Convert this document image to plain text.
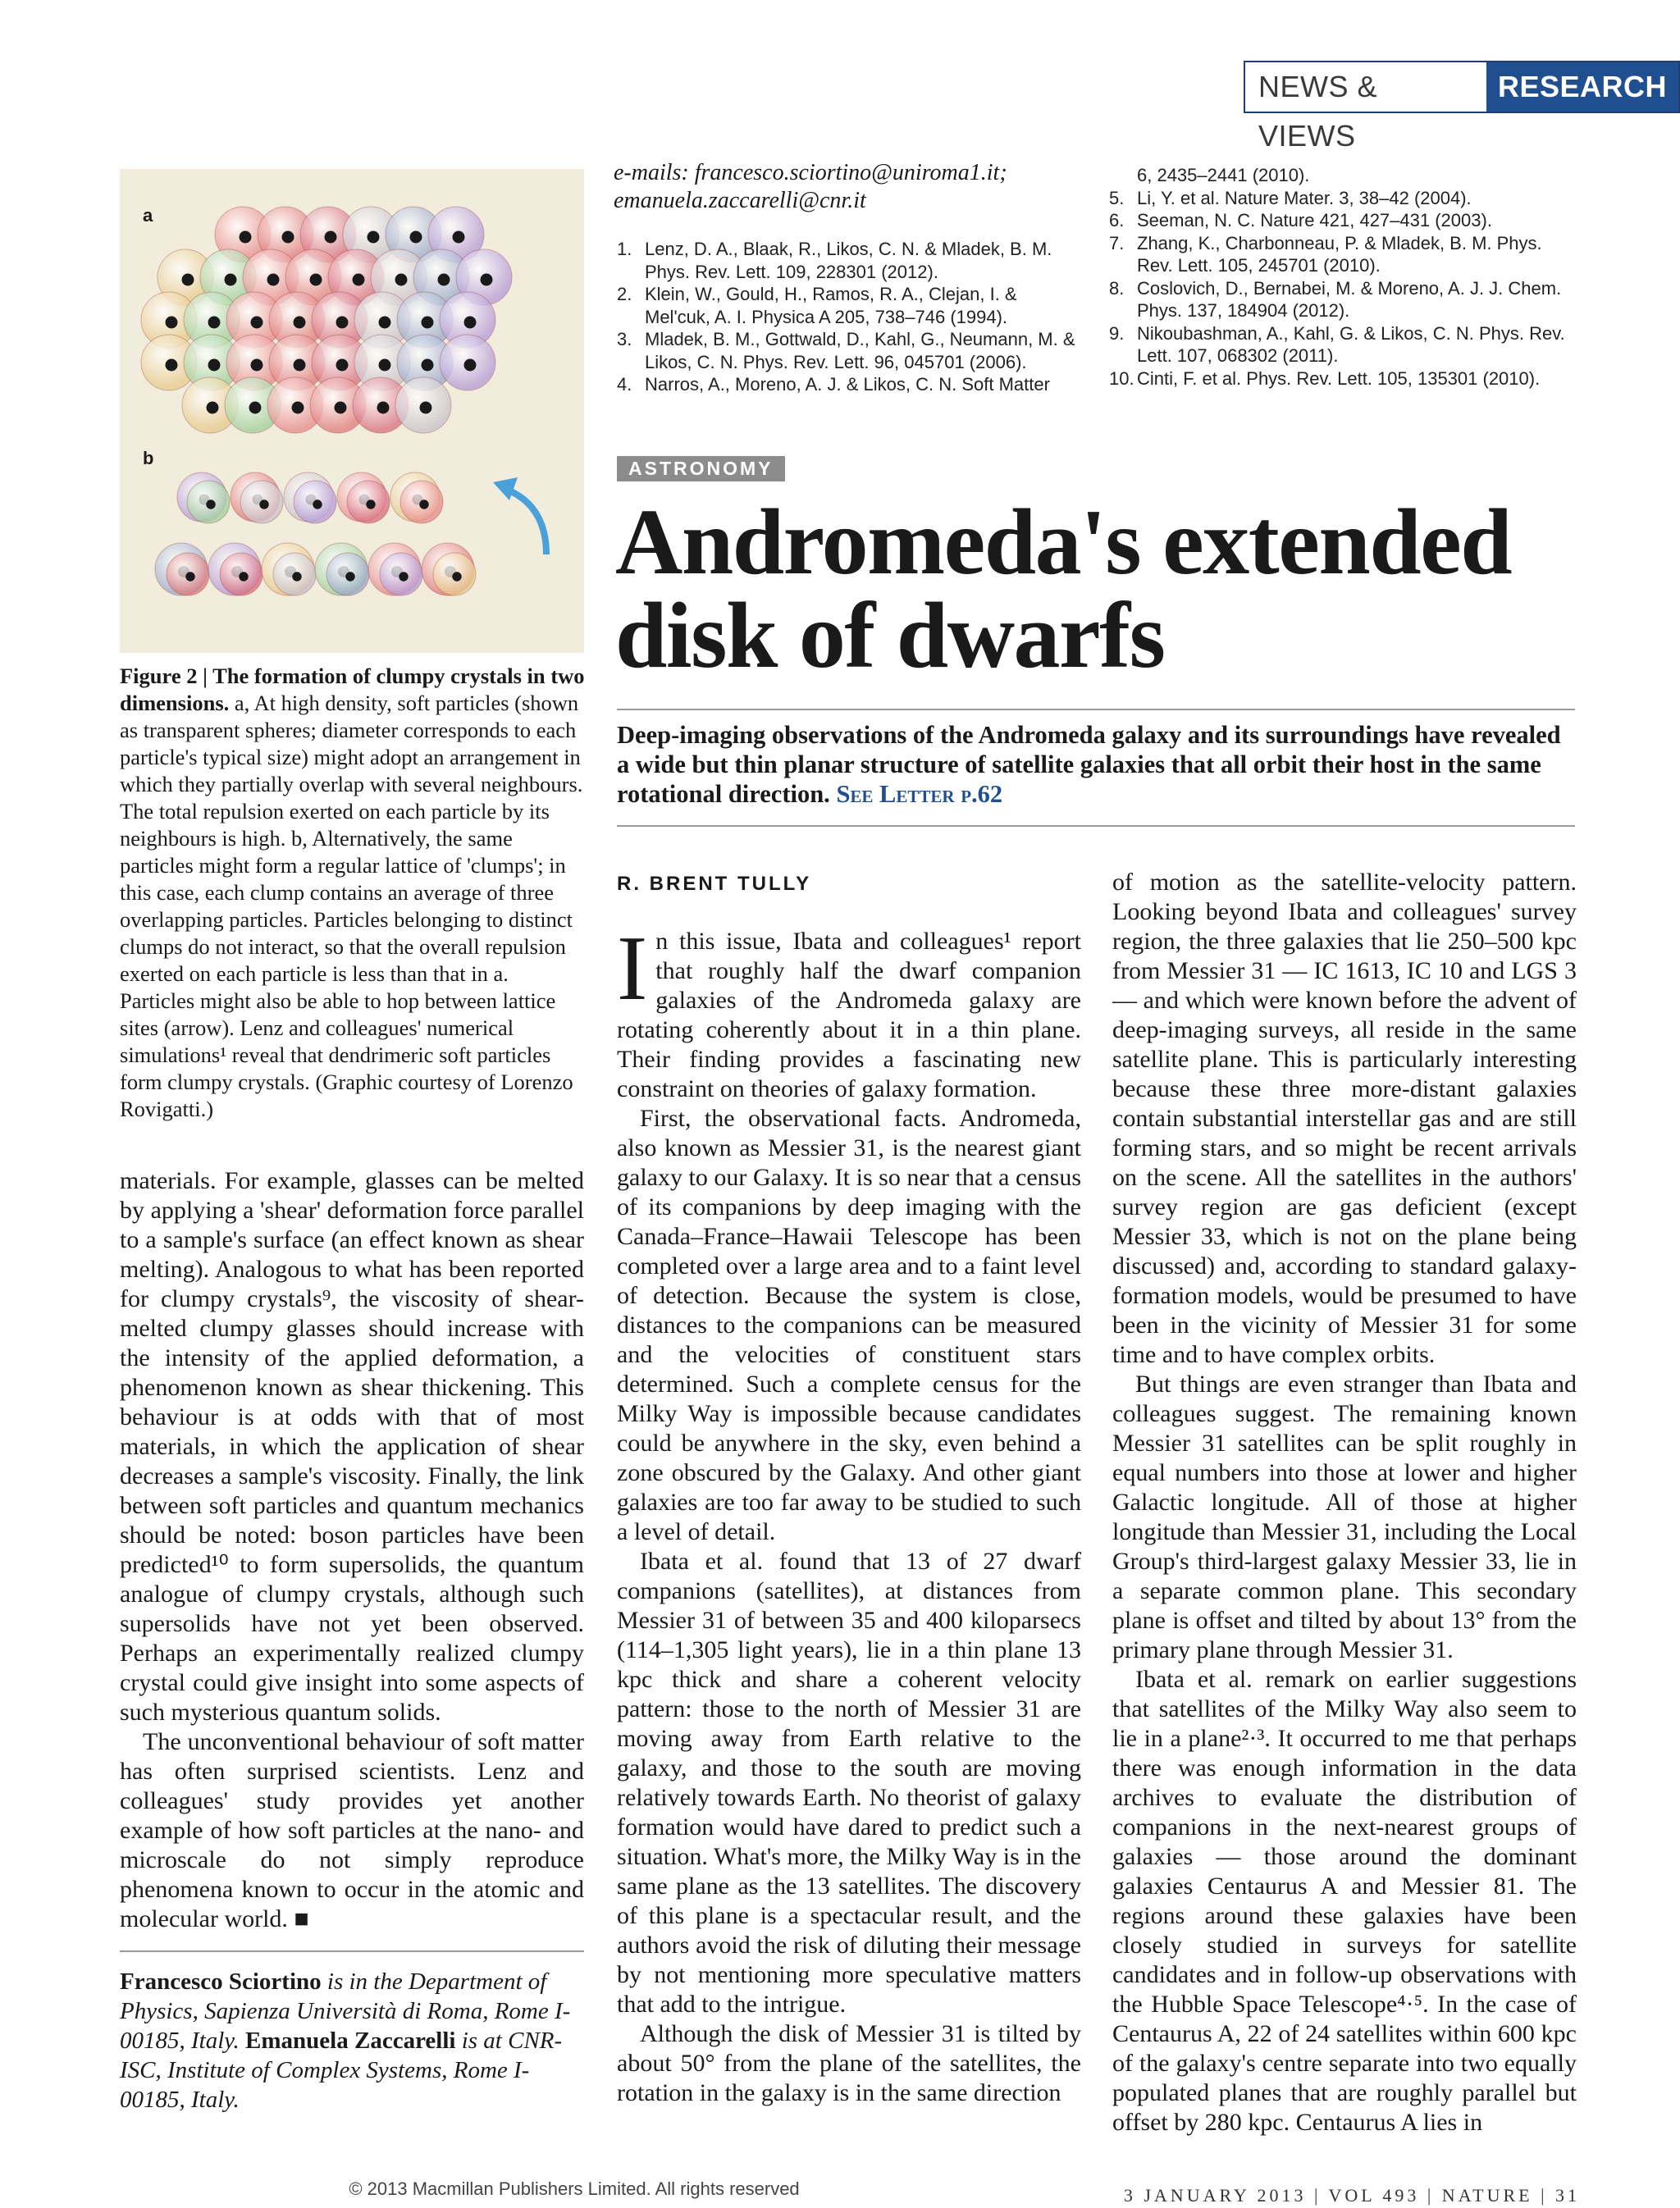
NEWS & VIEWS
RESEARCH
a
b
Figure 2 | The formation of clumpy crystals in two dimensions. a, At high density, soft particles (shown as transparent spheres; diameter corresponds to each particle's typical size) might adopt an arrangement in which they partially overlap with several neighbours. The total repulsion exerted on each particle by its neighbours is high. b, Alternatively, the same particles might form a regular lattice of 'clumps'; in this case, each clump contains an average of three overlapping particles. Particles belonging to distinct clumps do not interact, so that the overall repulsion exerted on each particle is less than that in a. Particles might also be able to hop between lattice sites (arrow). Lenz and colleagues' numerical simulations¹ reveal that dendrimeric soft particles form clumpy crystals. (Graphic courtesy of Lorenzo Rovigatti.)

materials. For example, glasses can be melted by applying a 'shear' deformation force parallel to a sample's surface (an effect known as shear melting). Analogous to what has been reported for clumpy crystals⁹, the viscosity of shear-melted clumpy glasses should increase with the intensity of the applied deformation, a phenomenon known as shear thickening. This behaviour is at odds with that of most materials, in which the application of shear decreases a sample's viscosity. Finally, the link between soft particles and quantum mechanics should be noted: boson particles have been predicted¹⁰ to form supersolids, the quantum analogue of clumpy crystals, although such supersolids have not yet been observed. Perhaps an experimentally realized clumpy crystal could give insight into some aspects of such mysterious quantum solids.

The unconventional behaviour of soft matter has often surprised scientists. Lenz and colleagues' study provides yet another example of how soft particles at the nano- and microscale do not simply reproduce phenomena known to occur in the atomic and molecular world. ■

Francesco Sciortino is in the Department of Physics, Sapienza Università di Roma, Rome I-00185, Italy. Emanuela Zaccarelli is at CNR-ISC, Institute of Complex Systems, Rome I-00185, Italy.
e-mails: francesco.sciortino@uniroma1.it;
emanuela.zaccarelli@cnr.it
1. Lenz, D. A., Blaak, R., Likos, C. N. & Mladek, B. M. Phys. Rev. Lett. 109, 228301 (2012).
2. Klein, W., Gould, H., Ramos, R. A., Clejan, I. & Mel'cuk, A. I. Physica A 205, 738–746 (1994).
3. Mladek, B. M., Gottwald, D., Kahl, G., Neumann, M. & Likos, C. N. Phys. Rev. Lett. 96, 045701 (2006).
4. Narros, A., Moreno, A. J. & Likos, C. N. Soft Matter
6, 2435–2441 (2010).
5. Li, Y. et al. Nature Mater. 3, 38–42 (2004).
6. Seeman, N. C. Nature 421, 427–431 (2003).
7. Zhang, K., Charbonneau, P. & Mladek, B. M. Phys. Rev. Lett. 105, 245701 (2010).
8. Coslovich, D., Bernabei, M. & Moreno, A. J. J. Chem. Phys. 137, 184904 (2012).
9. Nikoubashman, A., Kahl, G. & Likos, C. N. Phys. Rev. Lett. 107, 068302 (2011).
10. Cinti, F. et al. Phys. Rev. Lett. 105, 135301 (2010).
ASTRONOMY
Andromeda's extended disk of dwarfs
Deep-imaging observations of the Andromeda galaxy and its surroundings have revealed a wide but thin planar structure of satellite galaxies that all orbit their host in the same rotational direction. See Letter p.62
R. BRENT TULLY

In this issue, Ibata and colleagues¹ report that roughly half the dwarf companion galaxies of the Andromeda galaxy are rotating coherently about it in a thin plane. Their finding provides a fascinating new constraint on theories of galaxy formation.

First, the observational facts. Andromeda, also known as Messier 31, is the nearest giant galaxy to our Galaxy. It is so near that a census of its companions by deep imaging with the Canada–France–Hawaii Telescope has been completed over a large area and to a faint level of detection. Because the system is close, distances to the companions can be measured and the velocities of constituent stars determined. Such a complete census for the Milky Way is impossible because candidates could be anywhere in the sky, even behind a zone obscured by the Galaxy. And other giant galaxies are too far away to be studied to such a level of detail.

Ibata et al. found that 13 of 27 dwarf companions (satellites), at distances from Messier 31 of between 35 and 400 kiloparsecs (114–1,305 light years), lie in a thin plane 13 kpc thick and share a coherent velocity pattern: those to the north of Messier 31 are moving away from Earth relative to the galaxy, and those to the south are moving relatively towards Earth. No theorist of galaxy formation would have dared to predict such a situation. What's more, the Milky Way is in the same plane as the 13 satellites. The discovery of this plane is a spectacular result, and the authors avoid the risk of diluting their message by not mentioning more speculative matters that add to the intrigue.

Although the disk of Messier 31 is tilted by about 50° from the plane of the satellites, the rotation in the galaxy is in the same direction

of motion as the satellite-velocity pattern. Looking beyond Ibata and colleagues' survey region, the three galaxies that lie 250–500 kpc from Messier 31 — IC 1613, IC 10 and LGS 3 — and which were known before the advent of deep-imaging surveys, all reside in the same satellite plane. This is particularly interesting because these three more-distant galaxies contain substantial interstellar gas and are still forming stars, and so might be recent arrivals on the scene. All the satellites in the authors' survey region are gas deficient (except Messier 33, which is not on the plane being discussed) and, according to standard galaxy-formation models, would be presumed to have been in the vicinity of Messier 31 for some time and to have complex orbits.

But things are even stranger than Ibata and colleagues suggest. The remaining known Messier 31 satellites can be split roughly in equal numbers into those at lower and higher Galactic longitude. All of those at higher longitude than Messier 31, including the Local Group's third-largest galaxy Messier 33, lie in a separate common plane. This secondary plane is offset and tilted by about 13° from the primary plane through Messier 31.

Ibata et al. remark on earlier suggestions that satellites of the Milky Way also seem to lie in a plane²·³. It occurred to me that perhaps there was enough information in the data archives to evaluate the distribution of companions in the next-nearest groups of galaxies — those around the dominant galaxies Centaurus A and Messier 81. The regions around these galaxies have been closely studied in surveys for satellite candidates and in follow-up observations with the Hubble Space Telescope⁴·⁵. In the case of Centaurus A, 22 of 24 satellites within 600 kpc of the galaxy's centre separate into two equally populated planes that are roughly parallel but offset by 280 kpc. Centaurus A lies in

3 JANUARY 2013 | VOL 493 | NATURE | 31
© 2013 Macmillan Publishers Limited. All rights reserved
